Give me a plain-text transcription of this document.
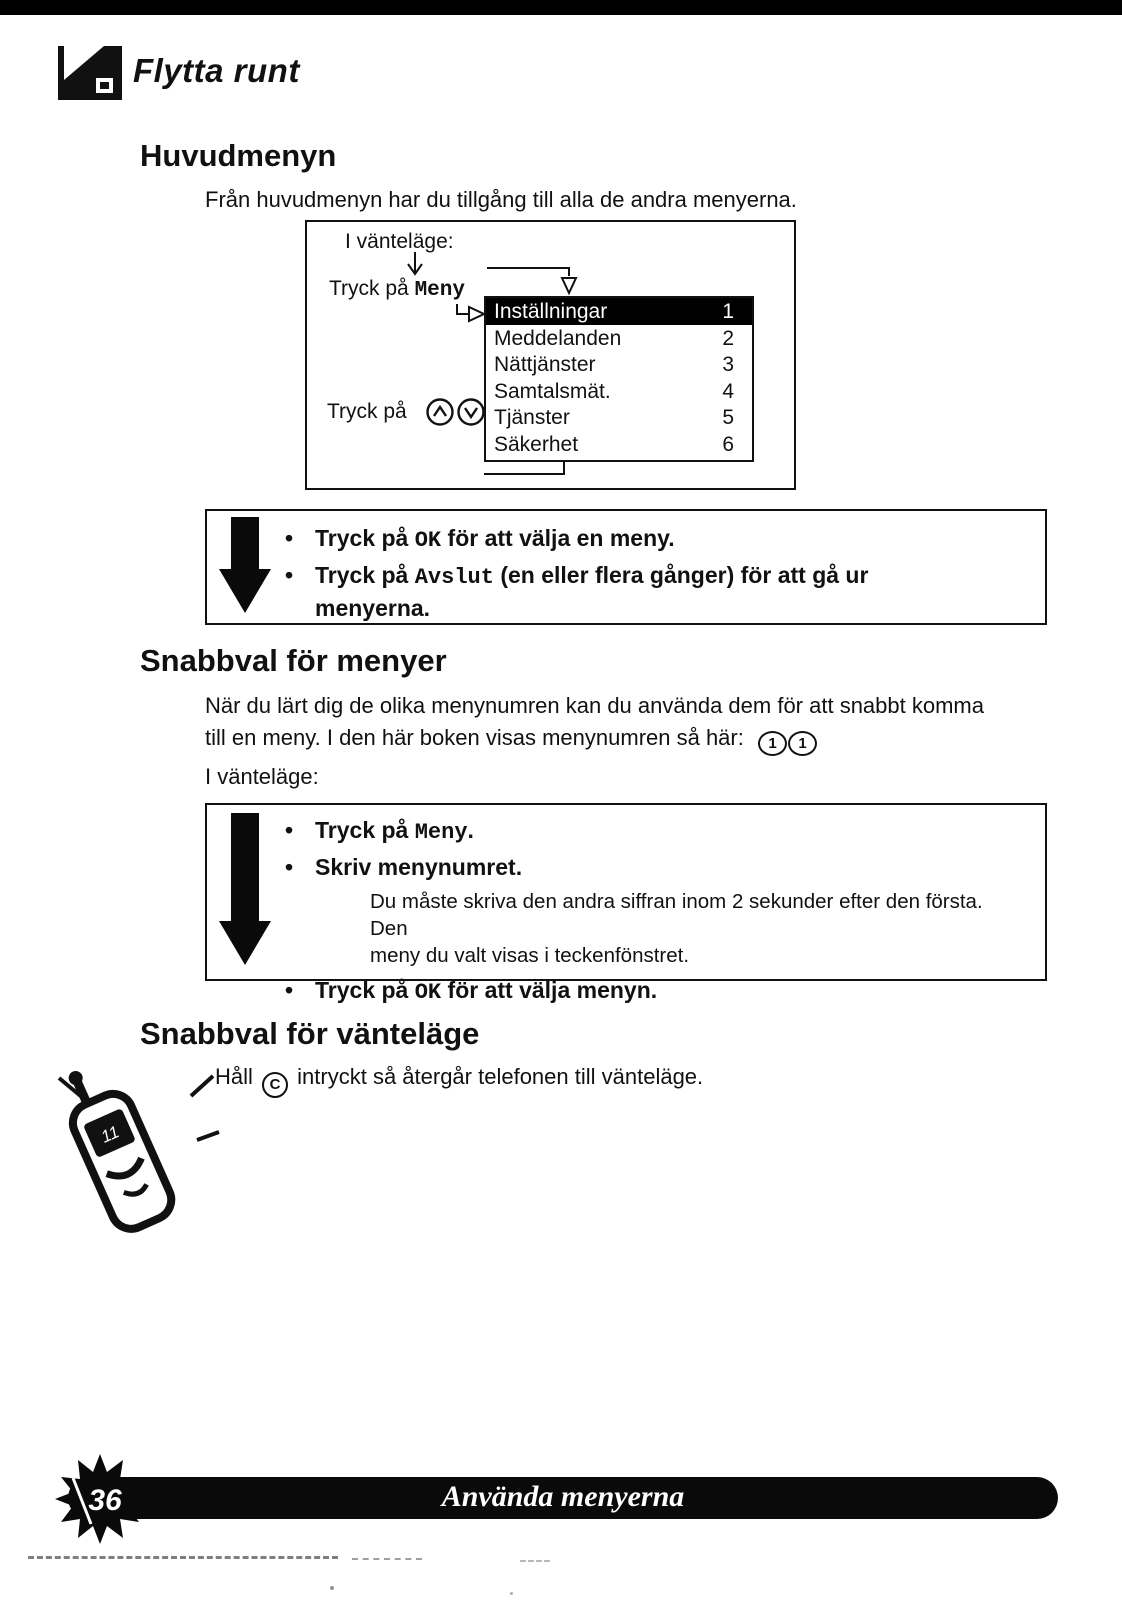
Flytta runt
Huvudmenyn
Från huvudmenyn har du tillgång till alla de andra menyerna.
I vänteläge:
Tryck på Meny
Inställningar	1
Meddelanden	2
Nättjänster	3
Samtalsmät.	4
Tjänster	5
Säkerhet	6
Tryck på
•
Tryck på OK för att välja en meny.
•
Tryck på Avslut (en eller flera gånger) för att gå ur
menyerna.
Snabbval för menyer
När du lärt dig de olika menynumren kan du använda dem för att snabbt komma
till en meny. I den här boken visas menynumren så här: 1 1
I vänteläge:
•
Tryck på Meny.
•
Skriv menynumret.
Du måste skriva den andra siffran inom 2 sekunder efter den första. Den
meny du valt visas i teckenfönstret.
•
Tryck på OK för att välja menyn.
Snabbval för vänteläge
11
Håll C intryckt så återgår telefonen till vänteläge.
Använda menyerna
36
